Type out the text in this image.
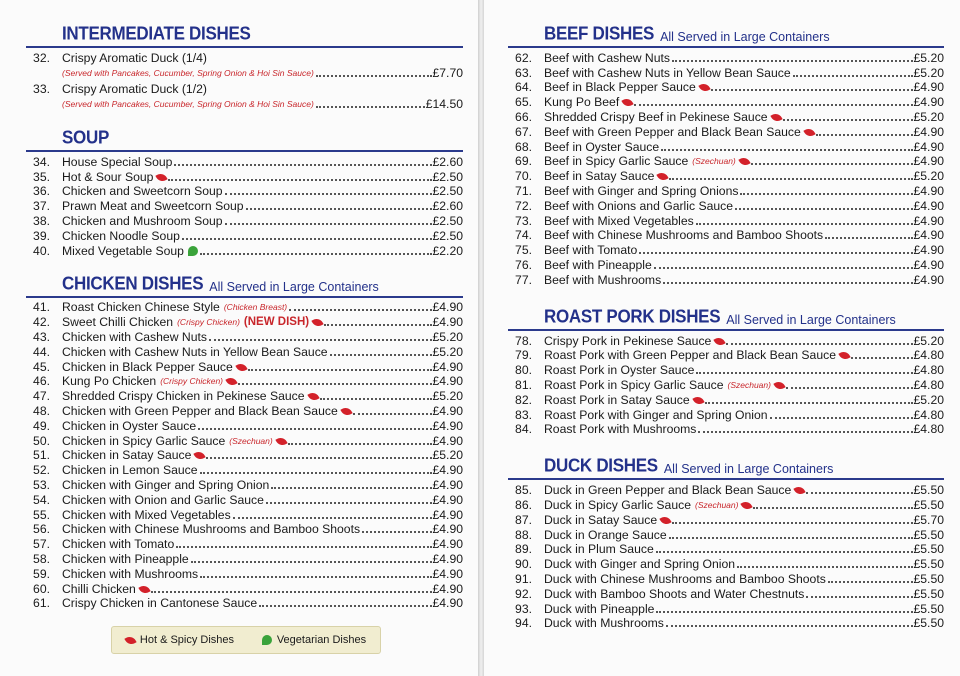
INTERMEDIATE DISHES
32. Crispy Aromatic Duck (1/4)
(Served with Pancakes, Cucumber, Spring Onion & Hoi Sin Sauce)	£7.70
33. Crispy Aromatic Duck (1/2)
(Served with Pancakes, Cucumber, Spring Onion & Hoi Sin Sauce)	£14.50
SOUP
34. House Special Soup	£2.60
35. Hot & Sour Soup	£2.50
36. Chicken and Sweetcorn Soup	£2.50
37. Prawn Meat and Sweetcorn Soup	£2.60
38. Chicken and Mushroom Soup	£2.50
39. Chicken Noodle Soup	£2.50
40. Mixed Vegetable Soup	£2.20
CHICKEN DISHES All Served in Large Containers
41. Roast Chicken Chinese Style (Chicken Breast)	£4.90
42. Sweet Chilli Chicken (Crispy Chicken) (NEW DISH)	£4.90
43. Chicken with Cashew Nuts	£5.20
44. Chicken with Cashew Nuts in Yellow Bean Sauce	£5.20
45. Chicken in Black Pepper Sauce	£4.90
46. Kung Po Chicken (Crispy Chicken)	£4.90
47. Shredded Crispy Chicken in Pekinese Sauce	£5.20
48. Chicken with Green Pepper and Black Bean Sauce	£4.90
49. Chicken in Oyster Sauce	£4.90
50. Chicken in Spicy Garlic Sauce (Szechuan)	£4.90
51. Chicken in Satay Sauce	£5.20
52. Chicken in Lemon Sauce	£4.90
53. Chicken with Ginger and Spring Onion	£4.90
54. Chicken with Onion and Garlic Sauce	£4.90
55. Chicken with Mixed Vegetables	£4.90
56. Chicken with Chinese Mushrooms and Bamboo Shoots	£4.90
57. Chicken with Tomato	£4.90
58. Chicken with Pineapple	£4.90
59. Chicken with Mushrooms	£4.90
60. Chilli Chicken	£4.90
61. Crispy Chicken in Cantonese Sauce	£4.90
Hot & Spicy Dishes	Vegetarian Dishes
BEEF DISHES All Served in Large Containers
62. Beef with Cashew Nuts	£5.20
63. Beef with Cashew Nuts in Yellow Bean Sauce	£5.20
64. Beef in Black Pepper Sauce	£4.90
65. Kung Po Beef	£4.90
66. Shredded Crispy Beef in Pekinese Sauce	£5.20
67. Beef with Green Pepper and Black Bean Sauce	£4.90
68. Beef in Oyster Sauce	£4.90
69. Beef in Spicy Garlic Sauce (Szechuan)	£4.90
70. Beef in Satay Sauce	£5.20
71. Beef with Ginger and Spring Onions	£4.90
72. Beef with Onions and Garlic Sauce	£4.90
73. Beef with Mixed Vegetables	£4.90
74. Beef with Chinese Mushrooms and Bamboo Shoots	£4.90
75. Beef with Tomato	£4.90
76. Beef with Pineapple	£4.90
77. Beef with Mushrooms	£4.90
ROAST PORK DISHES All Served in Large Containers
78. Crispy Pork in Pekinese Sauce	£5.20
79. Roast Pork with Green Pepper and Black Bean Sauce	£4.80
80. Roast Pork in Oyster Sauce	£4.80
81. Roast Pork in Spicy Garlic Sauce (Szechuan)	£4.80
82. Roast Pork in Satay Sauce	£5.20
83. Roast Pork with Ginger and Spring Onion	£4.80
84. Roast Pork with Mushrooms	£4.80
DUCK DISHES All Served in Large Containers
85. Duck in Green Pepper and Black Bean Sauce	£5.50
86. Duck in Spicy Garlic Sauce (Szechuan)	£5.50
87. Duck in Satay Sauce	£5.70
88. Duck in Orange Sauce	£5.50
89. Duck in Plum Sauce	£5.50
90. Duck with Ginger and Spring Onion	£5.50
91. Duck with Chinese Mushrooms and Bamboo Shoots	£5.50
92. Duck with Bamboo Shoots and Water Chestnuts	£5.50
93. Duck with Pineapple	£5.50
94. Duck with Mushrooms	£5.50
